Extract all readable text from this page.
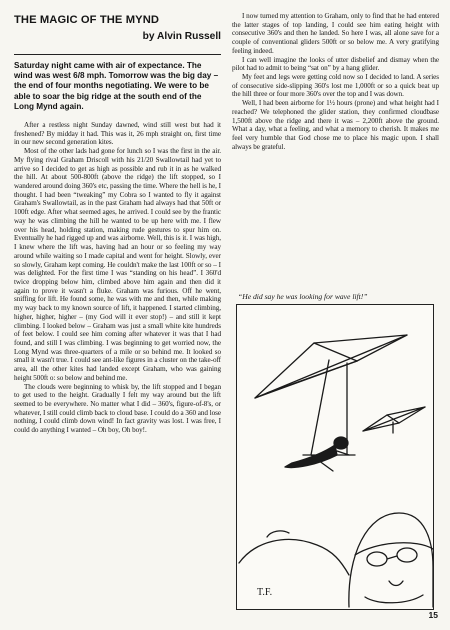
THE MAGIC OF THE MYND
by Alvin Russell

Saturday night came with air of expectance. The wind was west 6/8 mph. Tomorrow was the big day – the end of four months negotiating. We were to be able to soar the big ridge at the south end of the Long Mynd again.

After a restless night Sunday dawned, wind still west but had it freshened? By midday it had. This was it, 26 mph straight on, first time in our new second generation kites.

Most of the other lads had gone for lunch so I was the first in the air. My flying rival Graham Driscoll with his 21/20 Swallowtail had yet to arrive so I decided to get as high as possible and rub it in as he walked the hill. At about 500-800ft (above the ridge) the lift stopped, so I wandered around doing 360's etc, passing the time. Where the hell is he, I thought. I had been “tweaking” my Cobra so I wanted to fly it against Graham's Swallowtail, as in the past Graham had always had that 50ft or 100ft edge. After what seemed ages, he arrived. I could see by the frantic way he was climbing the hill he wanted to be up here with me. I flew over his head, holding station, making rude gestures to spur him on. Eventually he had rigged up and was airborne. Well, this is it. I was high, I knew where the lift was, having had an hour or so feeling my way around while waiting so I made capital and went for height. Slowly, ever so slowly, Graham kept coming. He couldn't make the last 100ft or so – I was delighted. For the first time I was “standing on his head”. I 360'd twice dropping below him, climbed above him again and then did it again to prove it wasn't a fluke. Graham was furious. Off he went, sniffing for lift. He found some, he was with me and then, while making my way back to my known source of lift, it happened. I started climbing, higher, higher, higher – (my God will it ever stop!) – and still it kept climbing. I looked below – Graham was just a small white kite hundreds of feet below. I could see him coming after whatever it was that I had found, and still I was climbing. I was beginning to get worried now, the Long Mynd was three-quarters of a mile or so behind me. It looked so small it wasn't true. I could see ant-like figures in a cluster on the take-off area, all the other kites had landed except Graham, who was gaining height 500ft o: so below and behind me.

The clouds were beginning to whisk by, the lift stopped and I began to get used to the height. Gradually I felt my way around but the lift seemed to be everywhere. No matter what I did – 360's, figure-of-8's, or whatever, I still could climb back to cloud base. I could do a 360 and lose nothing, I could climb down wind! In fact gravity was lost. I was free, I could do anything I wanted – Oh boy, Oh boy!.

I now turned my attention to Graham, only to find that he had entered the latter stages of top landing, I could see him eating height with consecutive 360's and then he landed. So here I was, all alone save for a couple of conventional gliders 500ft or so below me. A very gratifying feeling indeed.

I can well imagine the looks of utter disbelief and dismay when the pilot had to admit to being “sat on” by a hang glider.

My feet and legs were getting cold now so I decided to land. A series of consecutive side-slipping 360's lost me 1,000ft or so a quick beat up the hill three or four more 360's over the top and I was down.

Well, I had been airborne for 1½ hours (prone) and what height had I reached? We telephoned the glider station, they confirmed cloudbase 1,500ft above the ridge and there it was – 2,200ft above the ground. What a day, what a feeling, and what a memory to cherish. It makes me feel very humble that God chose me to place his magic upon. I shall always be grateful.

“He did say he was looking for wave lift!”

T.F.
15
